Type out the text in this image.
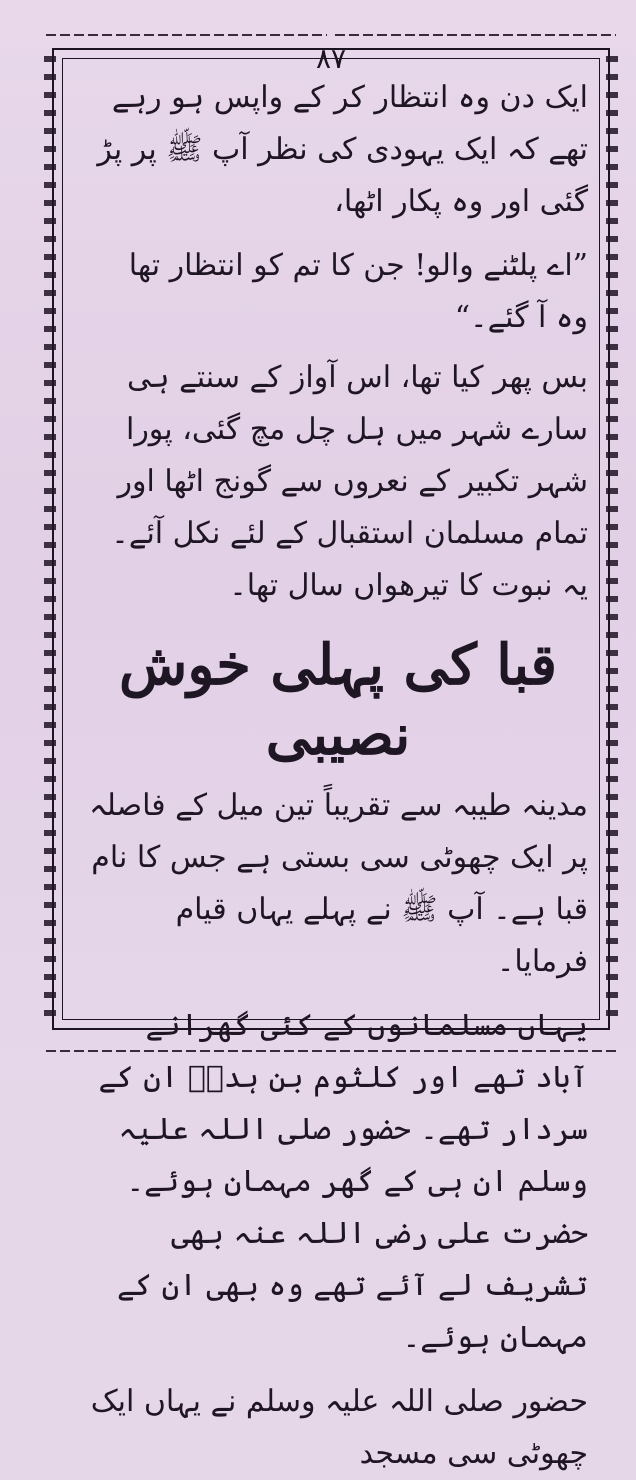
۸۷

ایک دن وہ انتظار کر کے واپس ہو رہے تھے کہ ایک یہودی کی نظر آپ ﷺ پر پڑ گئی اور وہ پکار اٹھا،

”اے پلٹنے والو! جن کا تم کو انتظار تھا وہ آ گئے۔“

بس پھر کیا تھا، اس آواز کے سنتے ہی سارے شہر میں ہل چل مچ گئی، پورا شہر تکبیر کے نعروں سے گونج اٹھا اور تمام مسلمان استقبال کے لئے نکل آئے۔ یہ نبوت کا تیرھواں سال تھا۔

قبا کی پہلی خوش نصیبی

مدینہ طیبہ سے تقریباً تین میل کے فاصلہ پر ایک چھوٹی سی بستی ہے جس کا نام قبا ہے۔ آپ ﷺ نے پہلے یہاں قیام فرمایا۔

یہاں مسلمانوں کے کئی گھرانے آباد تھے اور کلثوم بن ہدمؓ ان کے سردار تھے۔ حضور صلی اللہ علیہ وسلم ان ہی کے گھر مہمان ہوئے۔ حضرت علی رضی اللہ عنہ بھی تشریف لے آئے تھے وہ بھی ان کے مہمان ہوئے۔

حضور صلی اللہ علیہ وسلم نے یہاں ایک چھوٹی سی مسجد
